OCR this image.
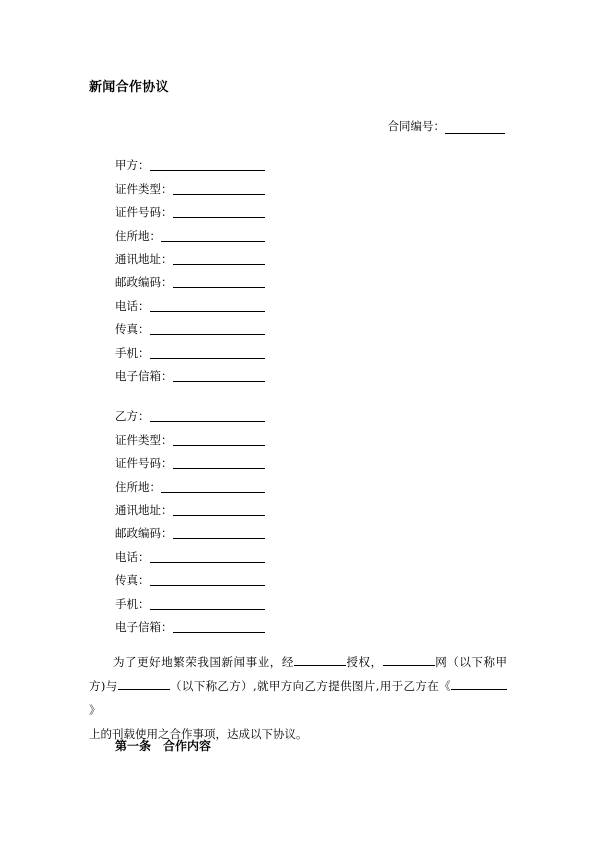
新闻合作协议
合同编号：
甲方：
证件类型：
证件号码：
住所地：
通讯地址：
邮政编码：
电话：
传真：
手机：
电子信箱：
乙方：
证件类型：
证件号码：
住所地：
通讯地址：
邮政编码：
电话：
传真：
手机：
电子信箱：

为了更好地繁荣我国新闻事业，经	授权，	网（以下称甲

方)与	（以下称乙方）,就甲方向乙方提供图片,用于乙方在《》

上的刊载使用之合作事项，达成以下协议。

第一条 合作内容
